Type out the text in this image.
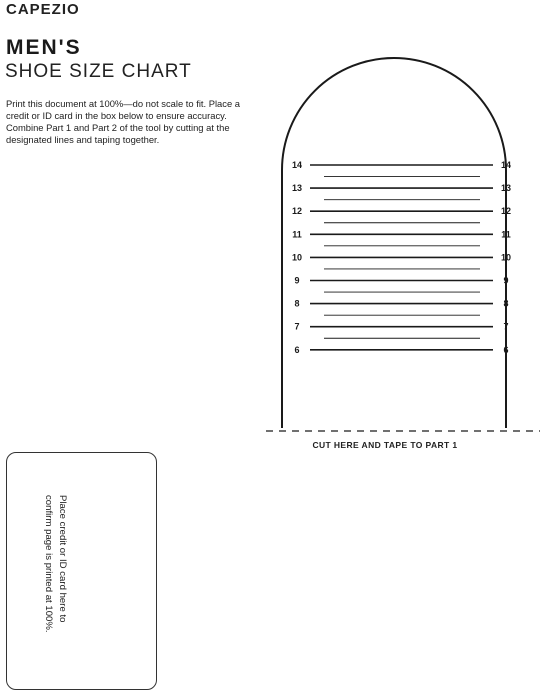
CAPEZIO
MEN'S
SHOE SIZE CHART

Print this document at 100%—do not scale to fit. Place a credit or ID card in the box below to ensure accuracy. Combine Part 1 and Part 2 of the tool by cutting at the designated lines and taping together.

14	14
13	13
12	12
11	11
10	10
9	9
8	8
7	7
6	6
CUT HERE AND TAPE TO PART 1

Place credit or ID card here to confirm page is printed at 100%.
